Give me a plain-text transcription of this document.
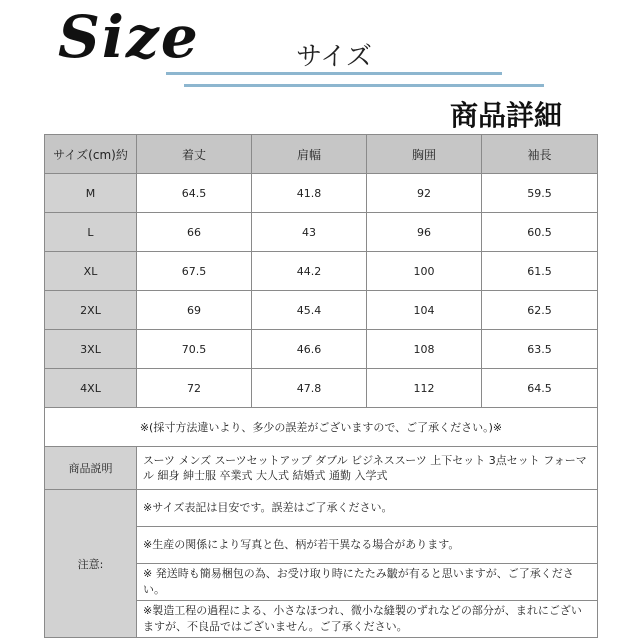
Size	サイズ
商品詳細
サイズ(cm)約	着丈	肩幅	胸囲	袖長
M	64.5	41.8	92	59.5
L	66	43	96	60.5
XL	67.5	44.2	100	61.5
2XL	69	45.4	104	62.5
3XL	70.5	46.6	108	63.5
4XL	72	47.8	112	64.5
※(採寸方法違いより、多少の誤差がございますので、ご了承ください。)※				
商品説明	スーツ メンズ スーツセットアップ ダブル ビジネススーツ 上下セット 3点セット フォーマル 細身 紳士服 卒業式 大人式 結婚式 通勤 入学式			
注意:	※サイズ表記は目安です。誤差はご了承ください。			
	※生産の関係により写真と色、柄が若干異なる場合があります。			
	※ 発送時も簡易梱包の為、お受け取り時にたたみ皺が有ると思いますが、ご了承ください。			
	※製造工程の過程による、小さなほつれ、微小な縫製のずれなどの部分が、まれにございますが、不良品ではございません。ご了承ください。			
